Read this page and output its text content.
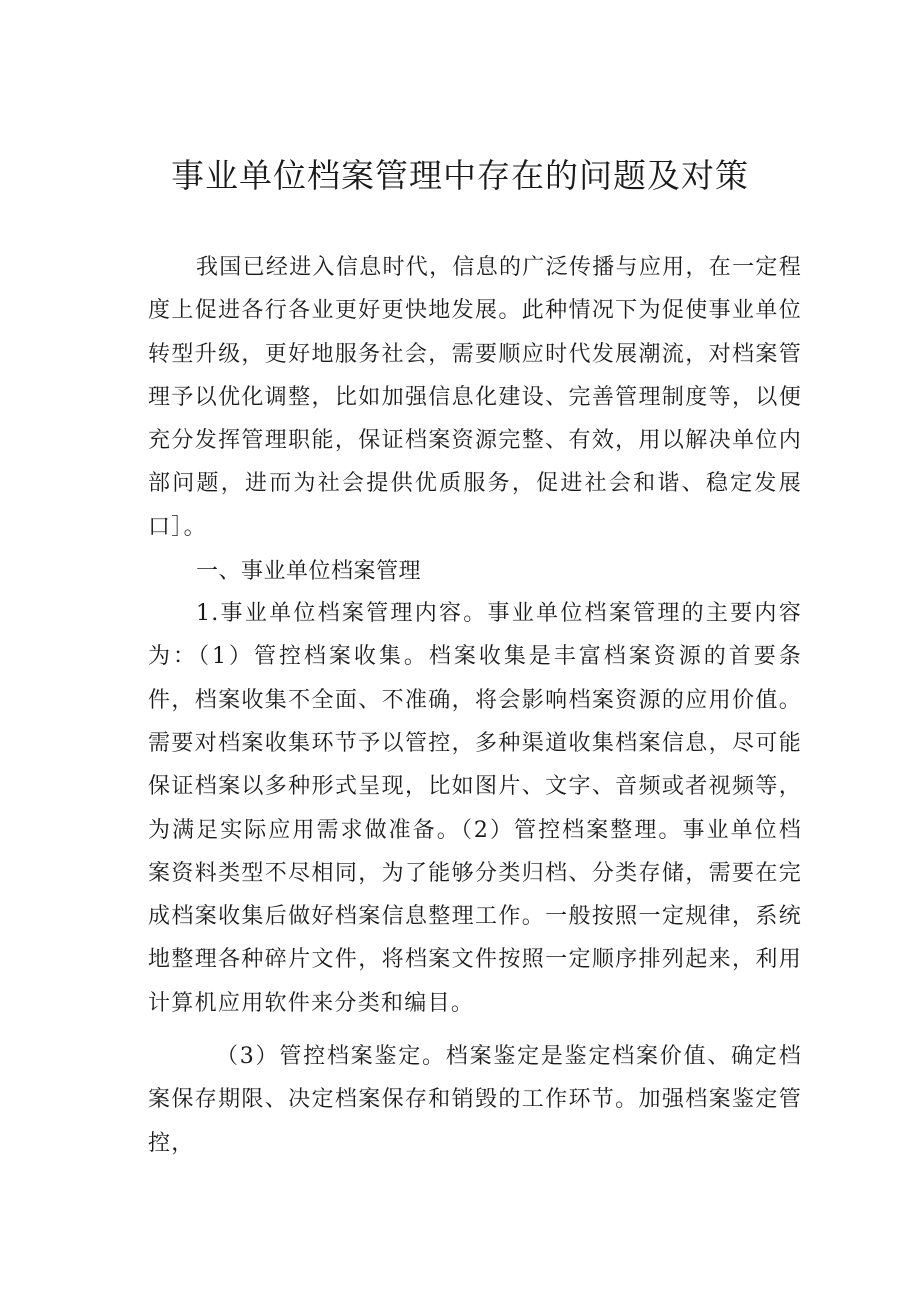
事业单位档案管理中存在的问题及对策

我国已经进入信息时代，信息的广泛传播与应用，在一定程度上促进各行各业更好更快地发展。此种情况下为促使事业单位转型升级，更好地服务社会，需要顺应时代发展潮流，对档案管理予以优化调整，比如加强信息化建设、完善管理制度等，以便充分发挥管理职能，保证档案资源完整、有效，用以解决单位内部问题，进而为社会提供优质服务，促进社会和谐、稳定发展口］。

一、事业单位档案管理

1.事业单位档案管理内容。事业单位档案管理的主要内容为：（1）管控档案收集。档案收集是丰富档案资源的首要条件，档案收集不全面、不准确，将会影响档案资源的应用价值。需要对档案收集环节予以管控，多种渠道收集档案信息，尽可能保证档案以多种形式呈现，比如图片、文字、音频或者视频等，为满足实际应用需求做准备。（2）管控档案整理。事业单位档案资料类型不尽相同，为了能够分类归档、分类存储，需要在完成档案收集后做好档案信息整理工作。一般按照一定规律，系统地整理各种碎片文件，将档案文件按照一定顺序排列起来，利用计算机应用软件来分类和编目。

（3）管控档案鉴定。档案鉴定是鉴定档案价值、确定档案保存期限、决定档案保存和销毁的工作环节。加强档案鉴定管控，
